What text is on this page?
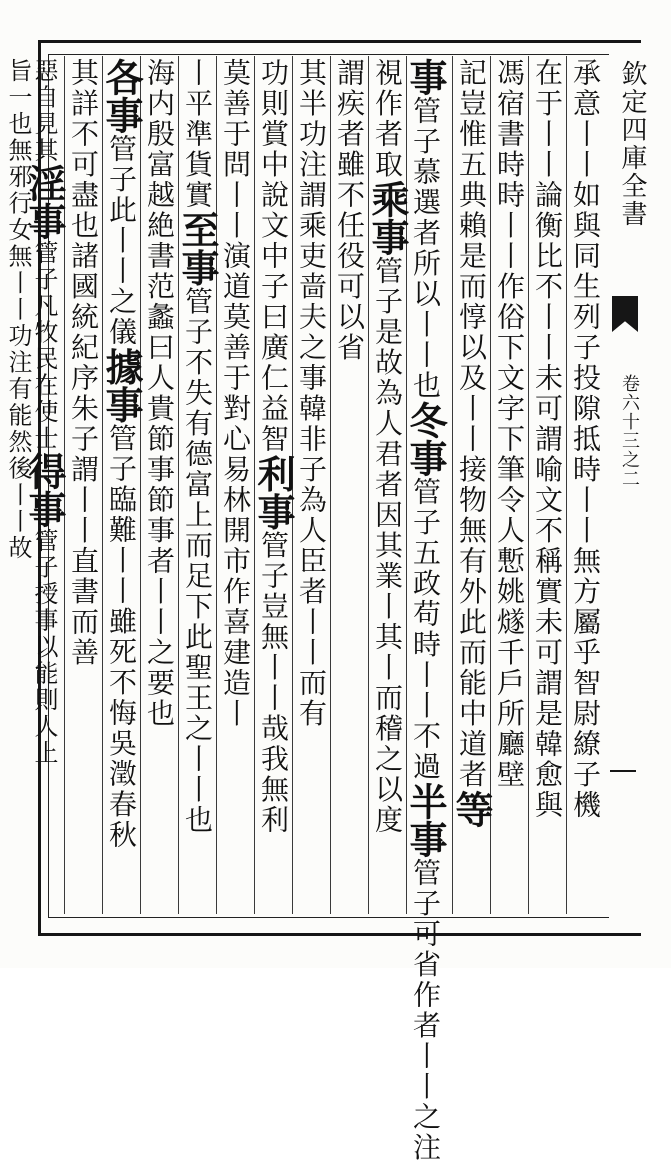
欽定四庫全書
卷六十三之二
承意丨丨如與同生列子投隙抵時丨丨無方屬乎智尉繚子機
在于丨丨論衡比不丨丨未可謂喻文不稱實未可謂是韓愈與
馮宿書時時丨丨作俗下文字下筆令人慙姚燧千戶所廳壁
記豈惟五典賴是而惇以及丨丨接物無有外此而能中道者等
事管子慕選者所以丨丨也冬事管子五政苟時丨丨不過半事管子可省作者丨丨之注
視作者取乘事管子是故為人君者因其業丨其丨而稽之以度
謂疾者雖不任役可以省
其半功注謂乘吏啬夫之事韓非子為人臣者丨丨而有
功則賞中說文中子曰廣仁益智利事管子豈無丨丨哉我無利
莫善于問丨丨演道莫善于對心易林開市作喜建造丨
丨平準貨實至事管子不失有德富上而足下此聖王之丨丨也
海内殷富越絶書范蠡曰人貴節事節事者丨丨之要也
各事管子此丨丨之儀據事管子臨難丨丨雖死不悔吳澂春秋
其詳不可盡也諸國統紀序朱子謂丨丨直書而善
惡自見其淫事管子凡牧民在使士得事管子授事以能則人上
旨一也無邪行女無丨丨功注有能然後丨丨故
